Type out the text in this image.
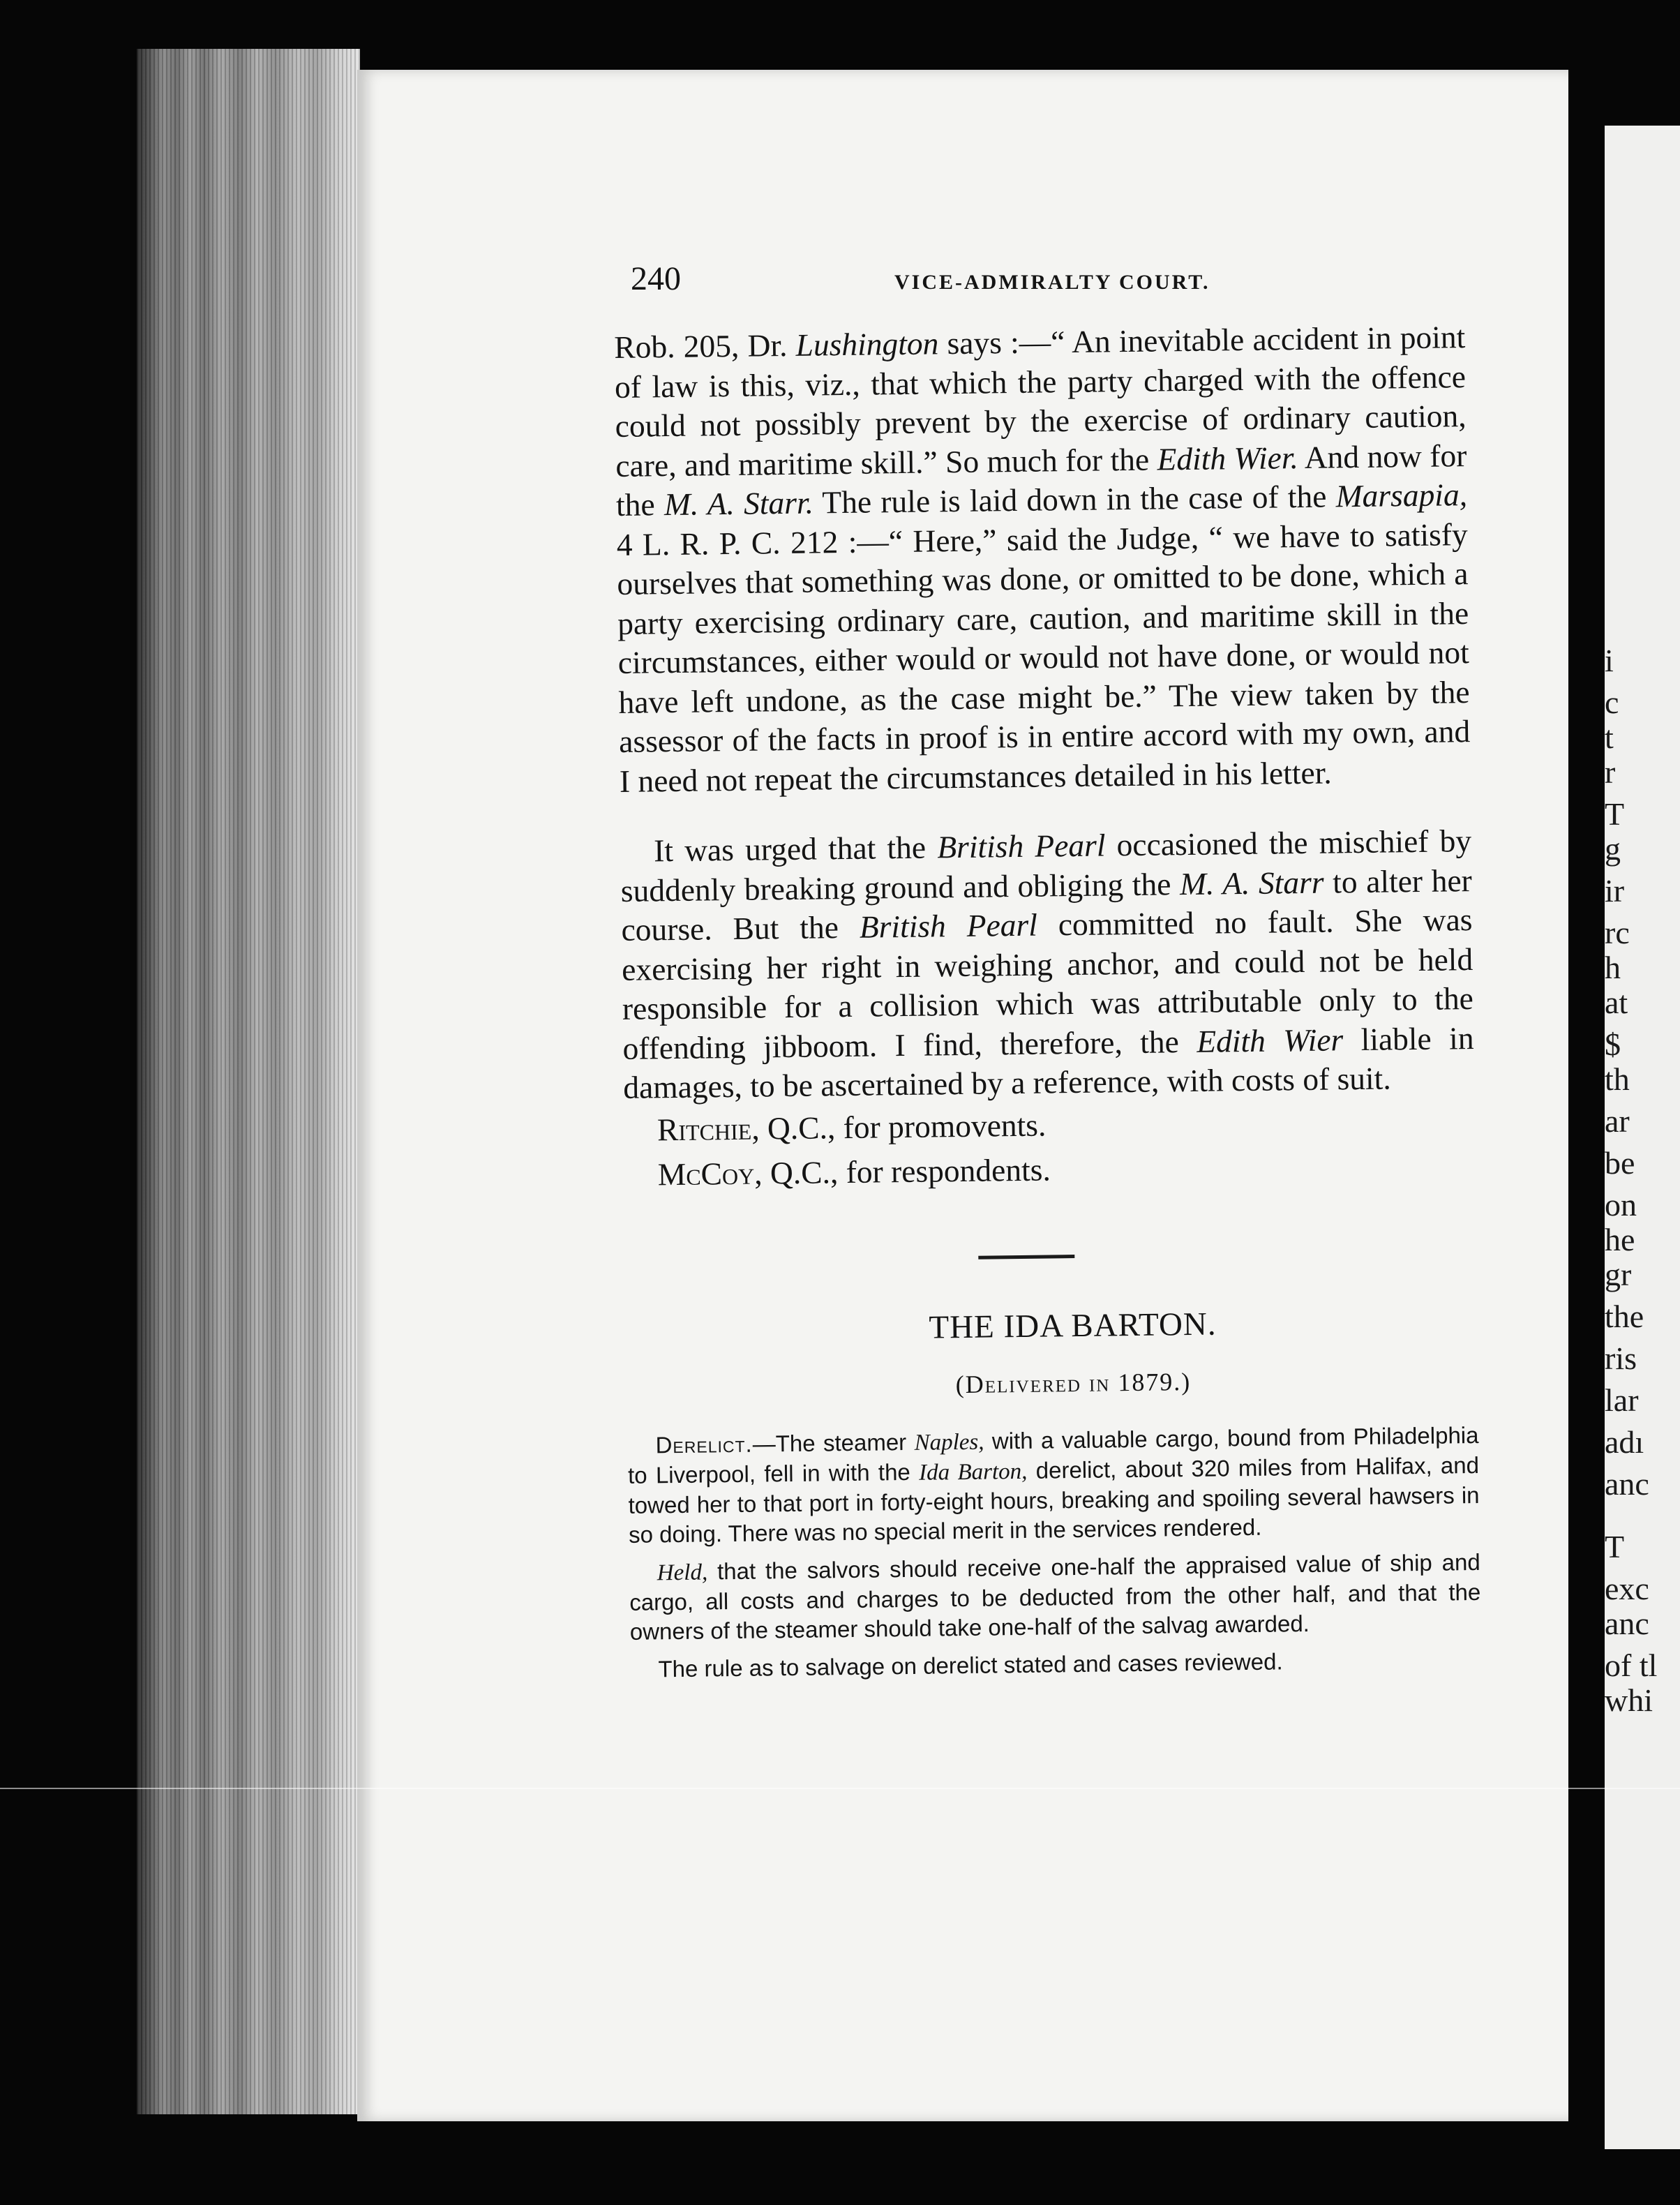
i
c
t
r
T
g
ir
rc
h
at
$
th
ar
be
on
he
gr
the
ris
lar
adı
anc
T
exc
anc
of tl
whi
240	VICE-ADMIRALTY COURT.

Rob. 205, Dr. Lushington says :—“ An inevitable accident in point of law is this, viz., that which the party charged with the offence could not possibly prevent by the exercise of ordinary caution, care, and maritime skill.” So much for the Edith Wier. And now for the M. A. Starr. The rule is laid down in the case of the Marsapia, 4 L. R. P. C. 212 :—“ Here,” said the Judge, “ we have to satisfy ourselves that something was done, or omitted to be done, which a party exercising ordinary care, caution, and maritime skill in the circumstances, either would or would not have done, or would not have left undone, as the case might be.” The view taken by the assessor of the facts in proof is in entire accord with my own, and I need not repeat the circumstances detailed in his letter.

It was urged that the British Pearl occasioned the mischief by suddenly breaking ground and obliging the M. A. Starr to alter her course. But the British Pearl committed no fault. She was exercising her right in weighing anchor, and could not be held responsible for a collision which was attributable only to the offending jibboom. I find, therefore, the Edith Wier liable in damages, to be ascertained by a reference, with costs of suit.

Ritchie, Q.C., for promovents.

McCoy, Q.C., for respondents.

THE IDA BARTON.
(Delivered in 1879.)

Derelict.—The steamer Naples, with a valuable cargo, bound from Philadelphia to Liverpool, fell in with the Ida Barton, derelict, about 320 miles from Halifax, and towed her to that port in forty-eight hours, breaking and spoiling several hawsers in so doing. There was no special merit in the services rendered.

Held, that the salvors should receive one-half the appraised value of ship and cargo, all costs and charges to be deducted from the other half, and that the owners of the steamer should take one-half of the salvag awarded.

The rule as to salvage on derelict stated and cases reviewed.
